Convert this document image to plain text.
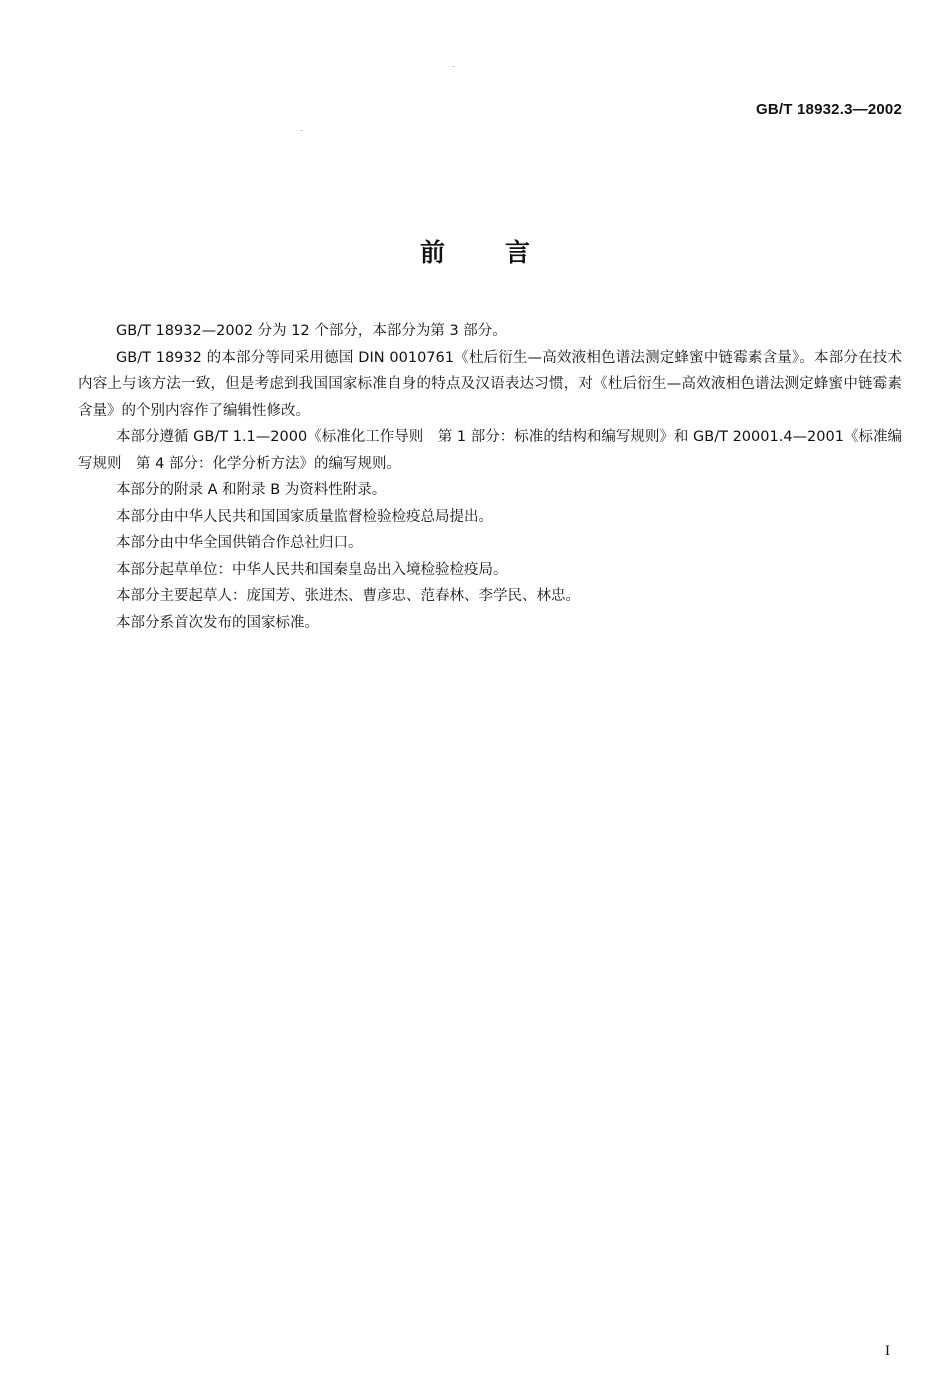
GB/T 18932.3—2002
前言

GB/T 18932—2002 分为 12 个部分，本部分为第 3 部分。

GB/T 18932 的本部分等同采用德国 DIN 0010761《杜后衍生—高效液相色谱法测定蜂蜜中链霉素含量》。本部分在技术内容上与该方法一致，但是考虑到我国国家标准自身的特点及汉语表达习惯，对《杜后衍生—高效液相色谱法测定蜂蜜中链霉素含量》的个别内容作了编辑性修改。

本部分遵循 GB/T 1.1—2000《标准化工作导则　第 1 部分：标准的结构和编写规则》和 GB/T 20001.4—2001《标准编写规则　第 4 部分：化学分析方法》的编写规则。

本部分的附录 A 和附录 B 为资料性附录。

本部分由中华人民共和国国家质量监督检验检疫总局提出。

本部分由中华全国供销合作总社归口。

本部分起草单位：中华人民共和国秦皇岛出入境检验检疫局。

本部分主要起草人：庞国芳、张进杰、曹彦忠、范春林、李学民、林忠。

本部分系首次发布的国家标准。

I
